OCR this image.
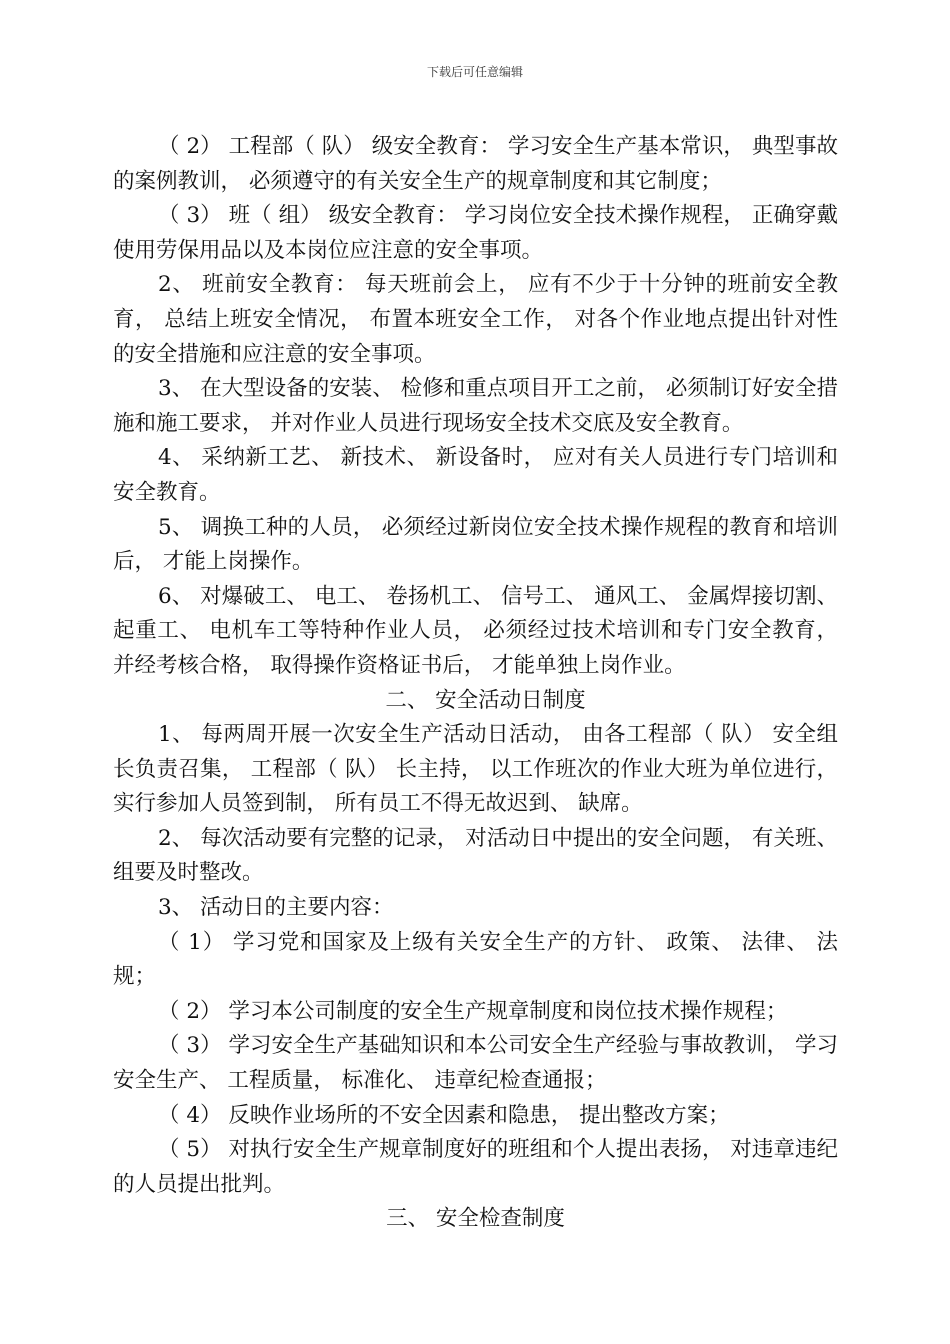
下载后可任意编辑

（ 2） 工程部（ 队） 级安全教育： 学习安全生产基本常识， 典型事故的案例教训， 必须遵守的有关安全生产的规章制度和其它制度；

（ 3） 班（ 组） 级安全教育： 学习岗位安全技术操作规程， 正确穿戴使用劳保用品以及本岗位应注意的安全事项。

2、 班前安全教育： 每天班前会上， 应有不少于十分钟的班前安全教育， 总结上班安全情况， 布置本班安全工作， 对各个作业地点提出针对性的安全措施和应注意的安全事项。

3、 在大型设备的安装、 检修和重点项目开工之前， 必须制订好安全措施和施工要求， 并对作业人员进行现场安全技术交底及安全教育。

4、 采纳新工艺、 新技术、 新设备时， 应对有关人员进行专门培训和安全教育。

5、 调换工种的人员， 必须经过新岗位安全技术操作规程的教育和培训后， 才能上岗操作。

6、 对爆破工、 电工、 卷扬机工、 信号工、 通风工、 金属焊接切割、 起重工、 电机车工等特种作业人员， 必须经过技术培训和专门安全教育， 并经考核合格， 取得操作资格证书后， 才能单独上岗作业。

二、 安全活动日制度

1、 每两周开展一次安全生产活动日活动， 由各工程部（ 队） 安全组长负责召集， 工程部（ 队） 长主持， 以工作班次的作业大班为单位进行， 实行参加人员签到制， 所有员工不得无故迟到、 缺席。

2、 每次活动要有完整的记录， 对活动日中提出的安全问题， 有关班、 组要及时整改。

3、 活动日的主要内容：

（ 1） 学习党和国家及上级有关安全生产的方针、 政策、 法律、 法规；

（ 2） 学习本公司制度的安全生产规章制度和岗位技术操作规程；

（ 3） 学习安全生产基础知识和本公司安全生产经验与事故教训， 学习安全生产、 工程质量， 标准化、 违章纪检查通报；

（ 4） 反映作业场所的不安全因素和隐患， 提出整改方案；

（ 5） 对执行安全生产规章制度好的班组和个人提出表扬， 对违章违纪的人员提出批判。

三、 安全检查制度
